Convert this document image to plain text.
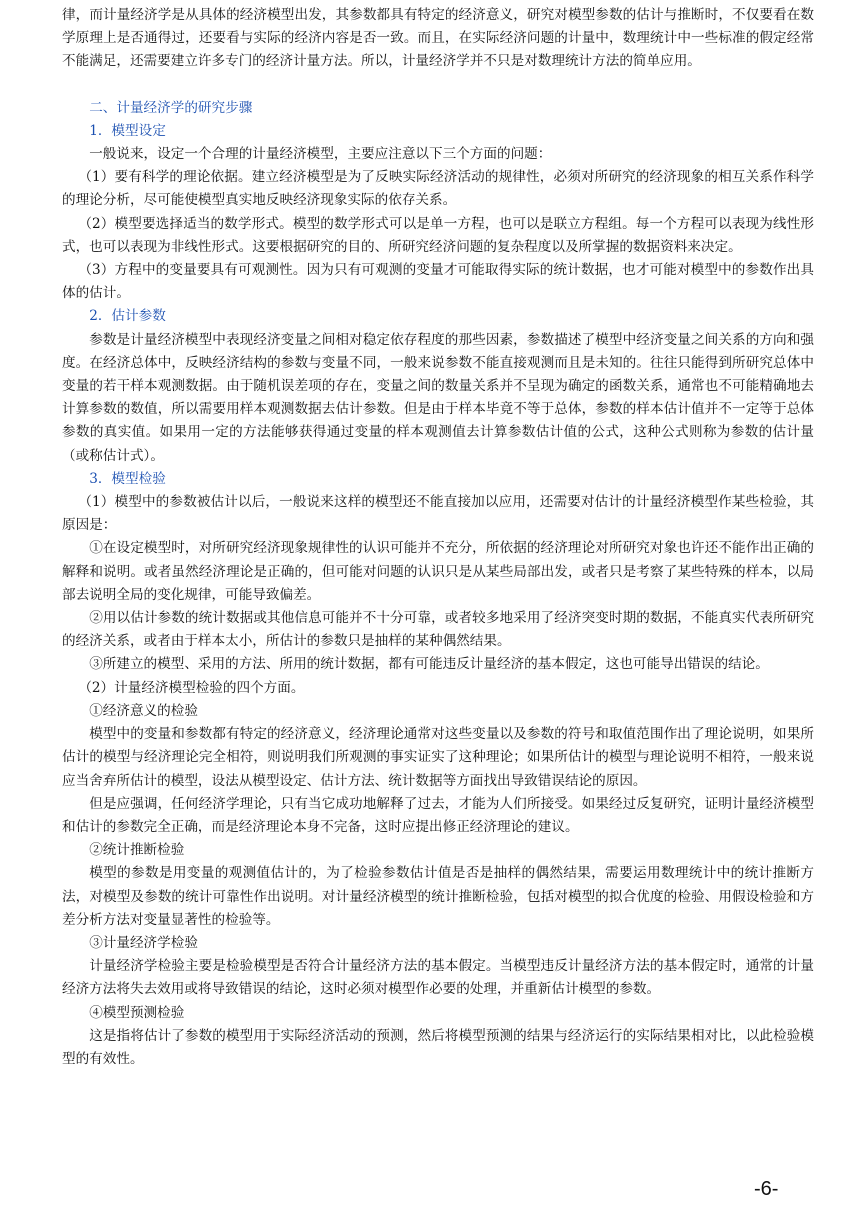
律，而计量经济学是从具体的经济模型出发，其参数都具有特定的经济意义，研究对模型参数的估计与推断时，不仅要看在数学原理上是否通得过，还要看与实际的经济内容是否一致。而且，在实际经济问题的计量中，数理统计中一些标准的假定经常不能满足，还需要建立许多专门的经济计量方法。所以，计量经济学并不只是对数理统计方法的简单应用。

二、计量经济学的研究步骤

1．模型设定

一般说来，设定一个合理的计量经济模型，主要应注意以下三个方面的问题：

（1）要有科学的理论依据。建立经济模型是为了反映实际经济活动的规律性，必须对所研究的经济现象的相互关系作科学的理论分析，尽可能使模型真实地反映经济现象实际的依存关系。

（2）模型要选择适当的数学形式。模型的数学形式可以是单一方程，也可以是联立方程组。每一个方程可以表现为线性形式，也可以表现为非线性形式。这要根据研究的目的、所研究经济问题的复杂程度以及所掌握的数据资料来决定。

（3）方程中的变量要具有可观测性。因为只有可观测的变量才可能取得实际的统计数据，也才可能对模型中的参数作出具体的估计。

2．估计参数

参数是计量经济模型中表现经济变量之间相对稳定依存程度的那些因素，参数描述了模型中经济变量之间关系的方向和强度。在经济总体中，反映经济结构的参数与变量不同，一般来说参数不能直接观测而且是未知的。往往只能得到所研究总体中变量的若干样本观测数据。由于随机误差项的存在，变量之间的数量关系并不呈现为确定的函数关系，通常也不可能精确地去计算参数的数值，所以需要用样本观测数据去估计参数。但是由于样本毕竟不等于总体，参数的样本估计值并不一定等于总体参数的真实值。如果用一定的方法能够获得通过变量的样本观测值去计算参数估计值的公式，这种公式则称为参数的估计量（或称估计式）。

3．模型检验

（1）模型中的参数被估计以后，一般说来这样的模型还不能直接加以应用，还需要对估计的计量经济模型作某些检验，其原因是：

①在设定模型时，对所研究经济现象规律性的认识可能并不充分，所依据的经济理论对所研究对象也许还不能作出正确的解释和说明。或者虽然经济理论是正确的，但可能对问题的认识只是从某些局部出发，或者只是考察了某些特殊的样本，以局部去说明全局的变化规律，可能导致偏差。

②用以估计参数的统计数据或其他信息可能并不十分可靠，或者较多地采用了经济突变时期的数据，不能真实代表所研究的经济关系，或者由于样本太小，所估计的参数只是抽样的某种偶然结果。

③所建立的模型、采用的方法、所用的统计数据，都有可能违反计量经济的基本假定，这也可能导出错误的结论。

（2）计量经济模型检验的四个方面。

①经济意义的检验

模型中的变量和参数都有特定的经济意义，经济理论通常对这些变量以及参数的符号和取值范围作出了理论说明，如果所估计的模型与经济理论完全相符，则说明我们所观测的事实证实了这种理论；如果所估计的模型与理论说明不相符，一般来说应当舍弃所估计的模型，设法从模型设定、估计方法、统计数据等方面找出导致错误结论的原因。

但是应强调，任何经济学理论，只有当它成功地解释了过去，才能为人们所接受。如果经过反复研究，证明计量经济模型和估计的参数完全正确，而是经济理论本身不完备，这时应提出修正经济理论的建议。

②统计推断检验

模型的参数是用变量的观测值估计的，为了检验参数估计值是否是抽样的偶然结果，需要运用数理统计中的统计推断方法，对模型及参数的统计可靠性作出说明。对计量经济模型的统计推断检验，包括对模型的拟合优度的检验、用假设检验和方差分析方法对变量显著性的检验等。

③计量经济学检验

计量经济学检验主要是检验模型是否符合计量经济方法的基本假定。当模型违反计量经济方法的基本假定时，通常的计量经济方法将失去效用或将导致错误的结论，这时必须对模型作必要的处理，并重新估计模型的参数。

④模型预测检验

这是指将估计了参数的模型用于实际经济活动的预测，然后将模型预测的结果与经济运行的实际结果相对比，以此检验模型的有效性。

-6-
